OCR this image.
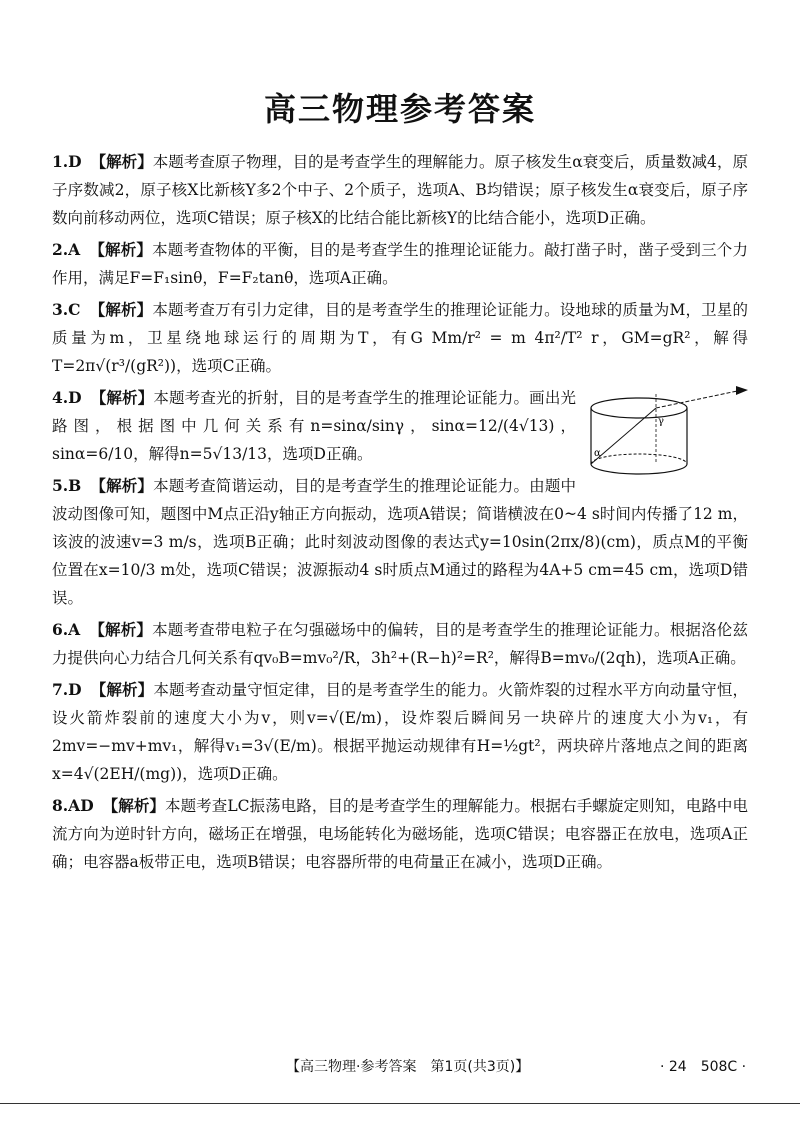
高三物理参考答案
1.D 【解析】本题考查原子物理，目的是考查学生的理解能力。原子核发生α衰变后，质量数减4，原子序数减2，原子核X比新核Y多2个中子、2个质子，选项A、B均错误；原子核发生α衰变后，原子序数向前移动两位，选项C错误；原子核X的比结合能比新核Y的比结合能小，选项D正确。
2.A 【解析】本题考查物体的平衡，目的是考查学生的推理论证能力。敲打凿子时，凿子受到三个力作用，满足F=F₁sinθ，F=F₂tanθ，选项A正确。
3.C 【解析】本题考查万有引力定律，目的是考查学生的推理论证能力。设地球的质量为M，卫星的质量为m，卫星绕地球运行的周期为T，有G Mm/r² = m 4π²/T² r，GM=gR²，解得T=2π√(r³/(gR²))，选项C正确。
α
γ
4.D 【解析】本题考查光的折射，目的是考查学生的推理论证能力。画出光路图，根据图中几何关系有n=sinα/sinγ，sinα=12/(4√13)，sinα=6/10，解得n=5√13/13，选项D正确。
5.B 【解析】本题考查简谐运动，目的是考查学生的推理论证能力。由题中波动图像可知，题图中M点正沿y轴正方向振动，选项A错误；简谐横波在0~4 s时间内传播了12 m，该波的波速v=3 m/s，选项B正确；此时刻波动图像的表达式y=10sin(2πx/8)(cm)，质点M的平衡位置在x=10/3 m处，选项C错误；波源振动4 s时质点M通过的路程为4A+5 cm=45 cm，选项D错误。
6.A 【解析】本题考查带电粒子在匀强磁场中的偏转，目的是考查学生的推理论证能力。根据洛伦兹力提供向心力结合几何关系有qv₀B=mv₀²/R，3h²+(R−h)²=R²，解得B=mv₀/(2qh)，选项A正确。
7.D 【解析】本题考查动量守恒定律，目的是考查学生的能力。火箭炸裂的过程水平方向动量守恒，设火箭炸裂前的速度大小为v，则v=√(E/m)，设炸裂后瞬间另一块碎片的速度大小为v₁，有2mv=−mv+mv₁，解得v₁=3√(E/m)。根据平抛运动规律有H=½gt²，两块碎片落地点之间的距离x=4√(2EH/(mg))，选项D正确。
8.AD 【解析】本题考查LC振荡电路，目的是考查学生的理解能力。根据右手螺旋定则知，电路中电流方向为逆时针方向，磁场正在增强，电场能转化为磁场能，选项C错误；电容器正在放电，选项A正确；电容器a板带正电，选项B错误；电容器所带的电荷量正在减小，选项D正确。
【高三物理·参考答案　第1页(共3页)】	· 24　508C ·
